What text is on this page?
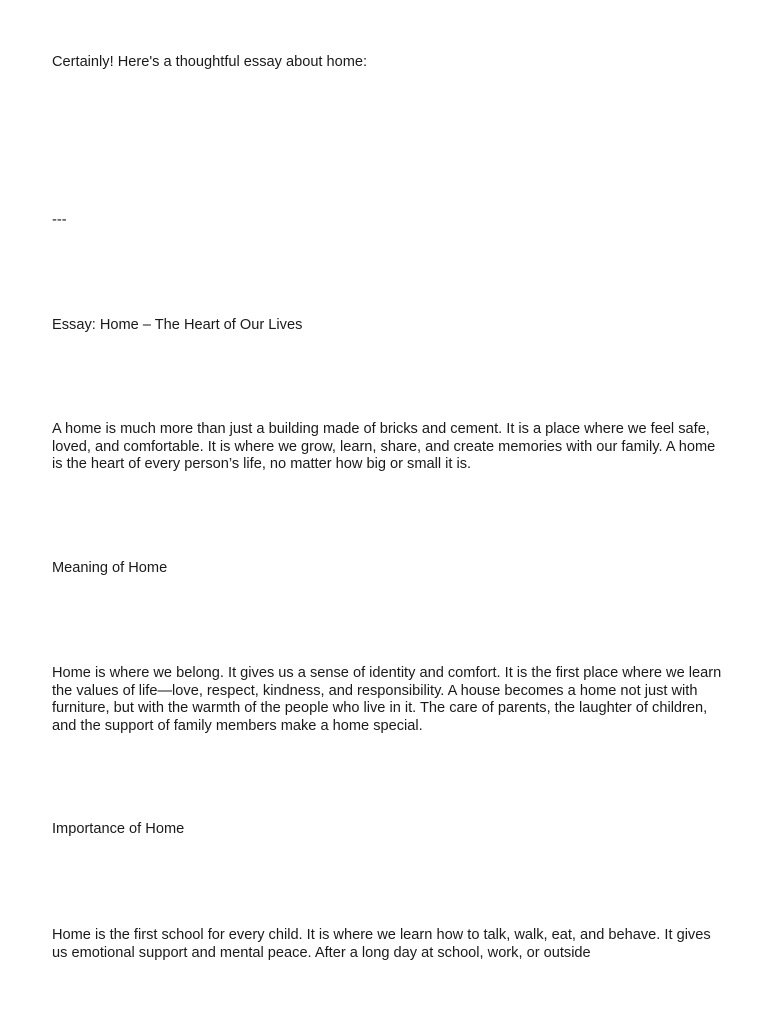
Certainly! Here's a thoughtful essay about home:

---

Essay: Home – The Heart of Our Lives

A home is much more than just a building made of bricks and cement. It is a place where we feel safe, loved, and comfortable. It is where we grow, learn, share, and create memories with our family. A home is the heart of every person’s life, no matter how big or small it is.

Meaning of Home

Home is where we belong. It gives us a sense of identity and comfort. It is the first place where we learn the values of life—love, respect, kindness, and responsibility. A house becomes a home not just with furniture, but with the warmth of the people who live in it. The care of parents, the laughter of children, and the support of family members make a home special.

Importance of Home

Home is the first school for every child. It is where we learn how to talk, walk, eat, and behave. It gives us emotional support and mental peace. After a long day at school, work, or outside
